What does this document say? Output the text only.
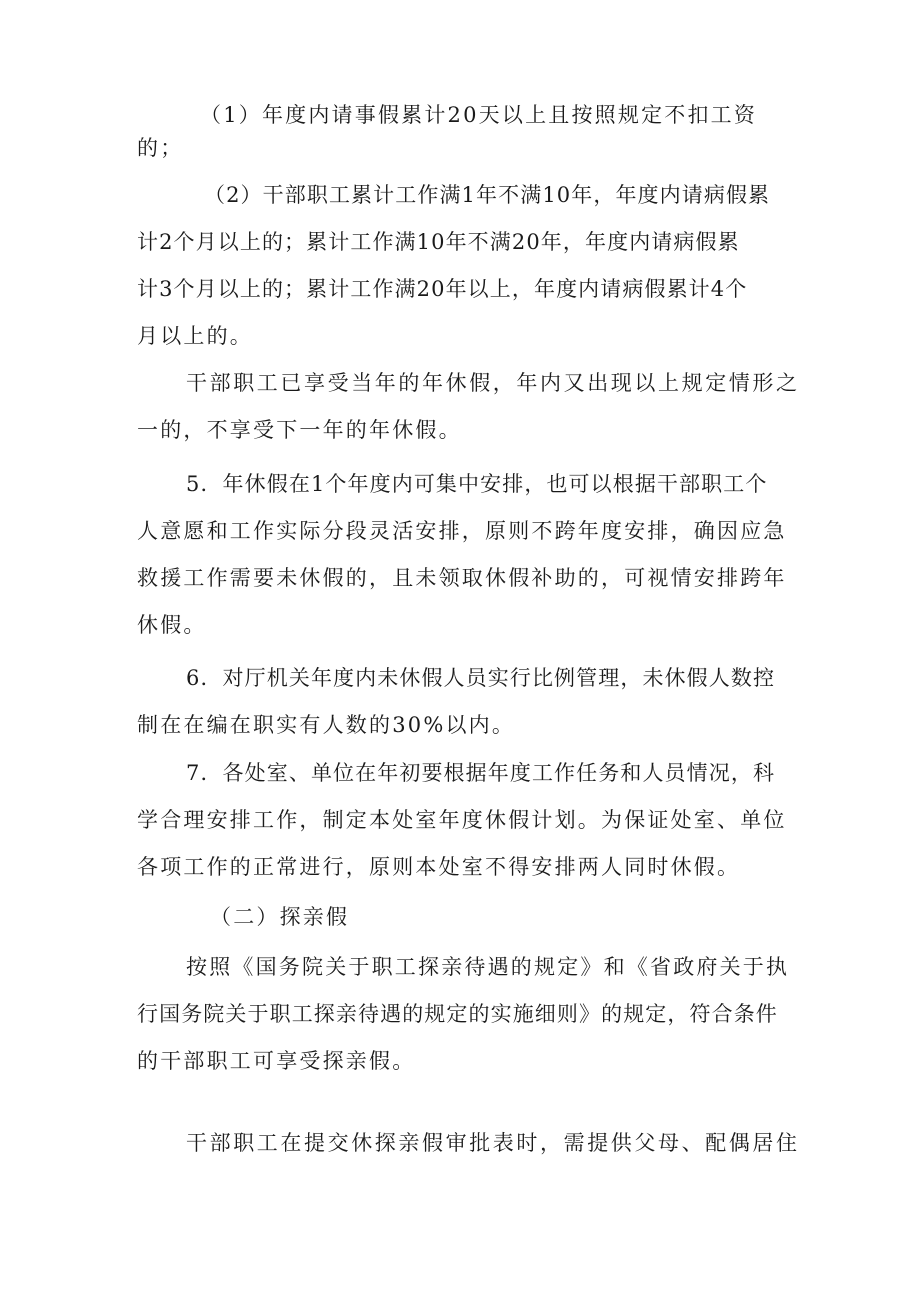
（1）年度内请事假累计20天以上且按照规定不扣工资

的；

（2）干部职工累计工作满1年不满10年，年度内请病假累

计2个月以上的；累计工作满10年不满20年，年度内请病假累

计3个月以上的；累计工作满20年以上，年度内请病假累计4个

月以上的。

干部职工已享受当年的年休假，年内又出现以上规定情形之

一的，不享受下一年的年休假。

5．年休假在1个年度内可集中安排，也可以根据干部职工个

人意愿和工作实际分段灵活安排，原则不跨年度安排，确因应急

救援工作需要未休假的，且未领取休假补助的，可视情安排跨年

休假。

6．对厅机关年度内未休假人员实行比例管理，未休假人数控

制在在编在职实有人数的30%以内。

7．各处室、单位在年初要根据年度工作任务和人员情况，科

学合理安排工作，制定本处室年度休假计划。为保证处室、单位

各项工作的正常进行，原则本处室不得安排两人同时休假。

（二）探亲假

按照《国务院关于职工探亲待遇的规定》和《省政府关于执

行国务院关于职工探亲待遇的规定的实施细则》的规定，符合条件

的干部职工可享受探亲假。

干部职工在提交休探亲假审批表时，需提供父母、配偶居住
